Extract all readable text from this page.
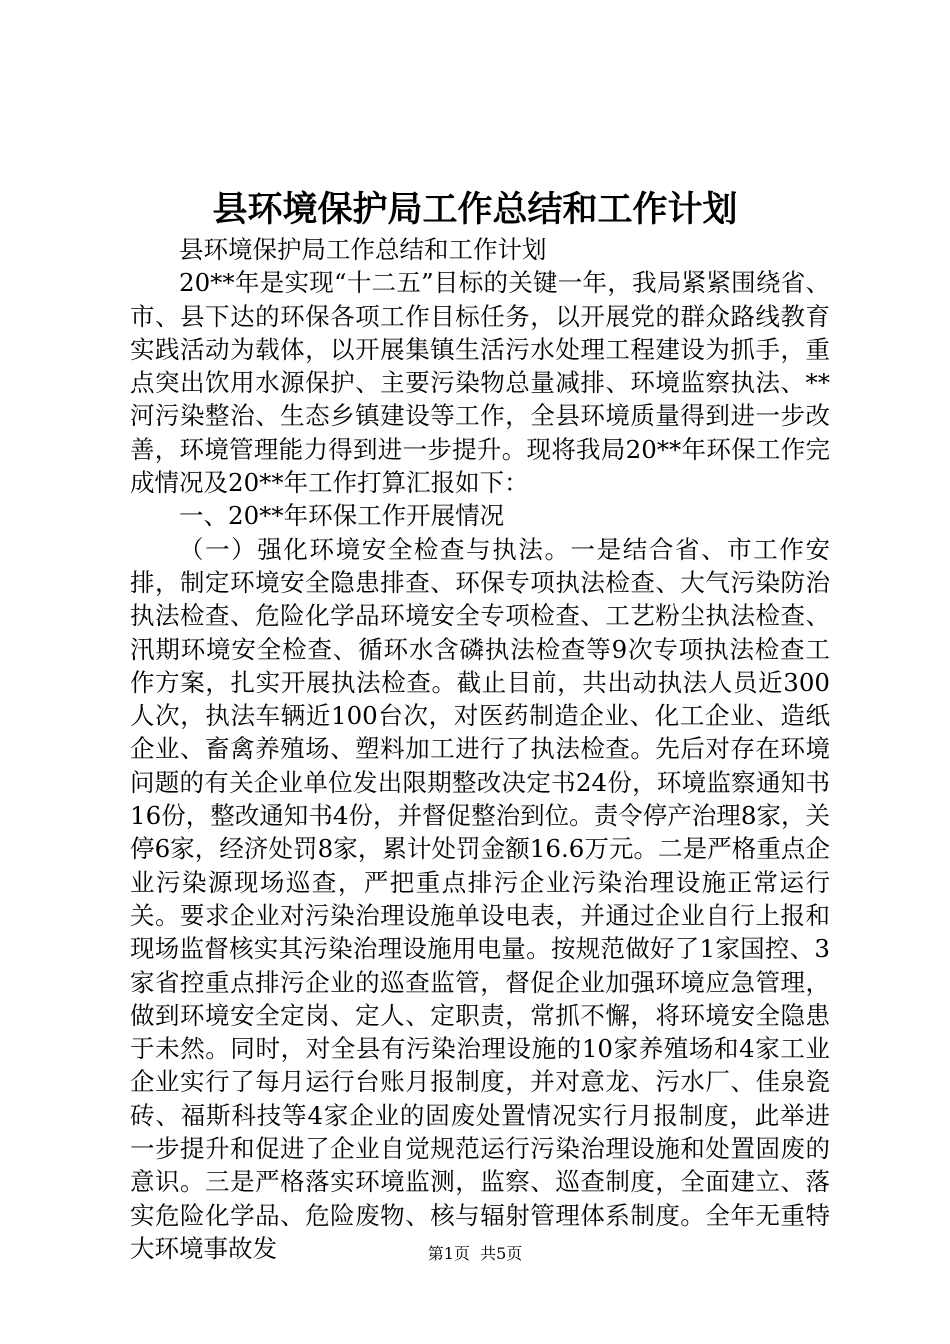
县环境保护局工作总结和工作计划

县环境保护局工作总结和工作计划

20**年是实现“十二五”目标的关键一年，我局紧紧围绕省、市、县下达的环保各项工作目标任务，以开展党的群众路线教育实践活动为载体，以开展集镇生活污水处理工程建设为抓手，重点突出饮用水源保护、主要污染物总量减排、环境监察执法、**河污染整治、生态乡镇建设等工作，全县环境质量得到进一步改善，环境管理能力得到进一步提升。现将我局20**年环保工作完成情况及20**年工作打算汇报如下：

一、20**年环保工作开展情况

（一）强化环境安全检查与执法。一是结合省、市工作安排，制定环境安全隐患排查、环保专项执法检查、大气污染防治执法检查、危险化学品环境安全专项检查、工艺粉尘执法检查、汛期环境安全检查、循环水含磷执法检查等9次专项执法检查工作方案，扎实开展执法检查。截止目前，共出动执法人员近300人次，执法车辆近100台次，对医药制造企业、化工企业、造纸企业、畜禽养殖场、塑料加工进行了执法检查。先后对存在环境问题的有关企业单位发出限期整改决定书24份，环境监察通知书16份，整改通知书4份，并督促整治到位。责令停产治理8家，关停6家，经济处罚8家，累计处罚金额16.6万元。二是严格重点企业污染源现场巡查，严把重点排污企业污染治理设施正常运行关。要求企业对污染治理设施单设电表，并通过企业自行上报和现场监督核实其污染治理设施用电量。按规范做好了1家国控、3家省控重点排污企业的巡查监管，督促企业加强环境应急管理，做到环境安全定岗、定人、定职责，常抓不懈，将环境安全隐患于未然。同时，对全县有污染治理设施的10家养殖场和4家工业企业实行了每月运行台账月报制度，并对意龙、污水厂、佳泉瓷砖、福斯科技等4家企业的固废处置情况实行月报制度，此举进一步提升和促进了企业自觉规范运行污染治理设施和处置固废的意识。三是严格落实环境监测，监察、巡查制度，全面建立、落实危险化学品、危险废物、核与辐射管理体系制度。全年无重特大环境事故发	第1页 共5页
